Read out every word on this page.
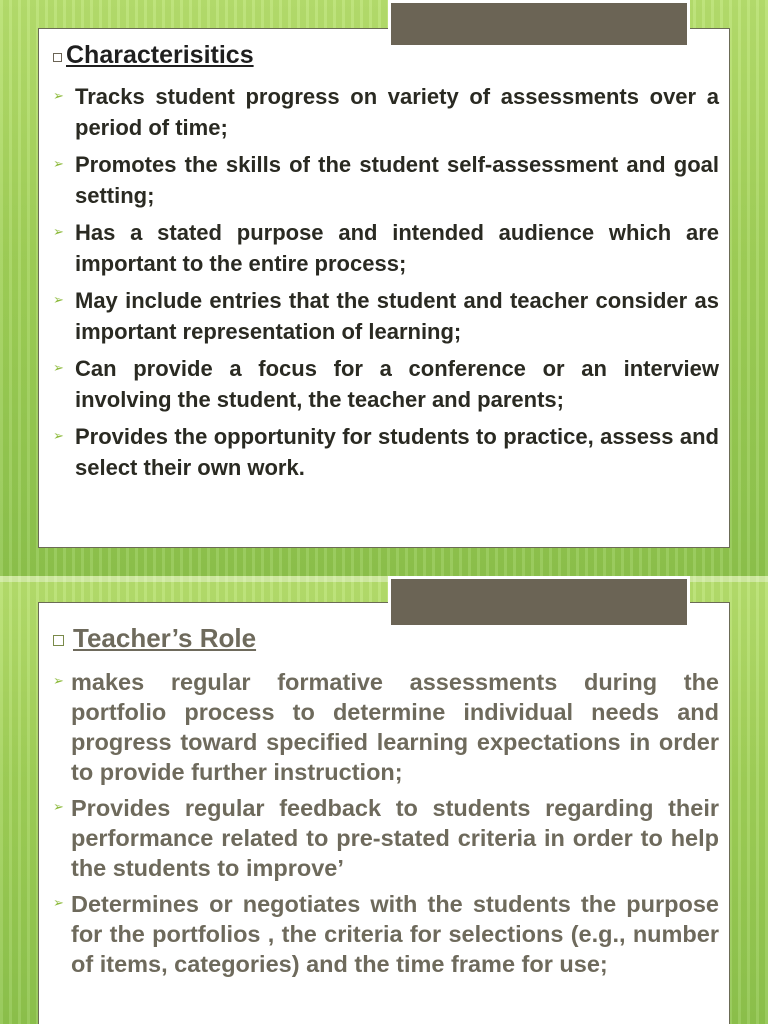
Characterisitics
➢ Tracks student progress on variety of assessments over a period of time;
➢ Promotes the skills of the student self-assessment and goal setting;
➢ Has a stated purpose and intended audience which are important to the entire process;
➢ May include entries that the student and teacher consider as important representation of learning;
➢ Can provide a focus for a conference or an interview involving the student, the teacher and parents;
➢ Provides the opportunity for students to practice, assess and select their own work.
Teacher’s Role
➢ makes regular formative assessments during the portfolio process to determine individual needs and progress toward specified learning expectations in order to provide further instruction;
➢ Provides regular feedback to students regarding their performance related to pre-stated criteria in order to help the students to improve’
➢ Determines or negotiates with the students the purpose for the portfolios , the criteria for selections (e.g., number of items, categories) and the time frame for use;
